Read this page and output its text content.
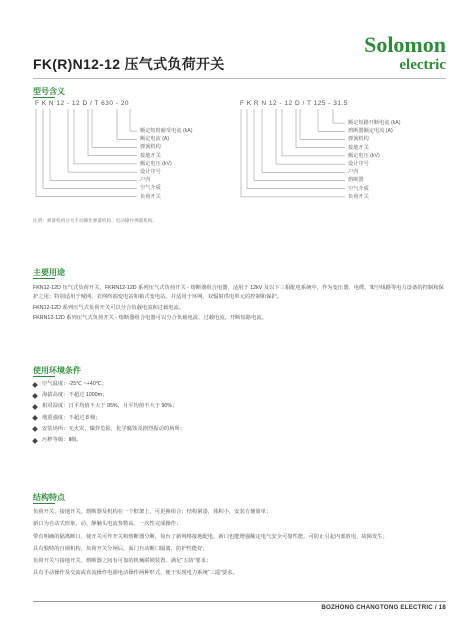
FK(R)N12-12 压气式负荷开关
Solomon
electric
型号含义
F K N 12 - 12 D / T 630 - 20	F K R N 12 - 12 D / T 125 - 31.5
额定短时耐受电流 (kA)
额定电流 (A)
弹簧机构
接地开关
额定电压 (kV)
设计序号
户内
空气介质
负荷开关
额定短路开断电流 (kA)
熔断器额定电流 (A)
弹簧机构
接地开关
额定电压 (kV)
设计序号
户内
熔断器
空气介质
负荷开关
注明：弹簧机构分为手动操作弹簧机构、电动操作弹簧机构。
主要用途

FKN12-12D 压气式负荷开关、FKRN12-12D 系列压气式负荷开关 - 熔断器组合电器，适用于 12kV 及以下三相配电系统中，作为变压器、电缆、架空线路等电力设备的控制和保护之用；特别适用于城网、农网终端变电站和箱式变电站。并适用于环网、双辐射供电单元的控制和保护。

FKN12-12D 系列压气式负荷开关可以分合负载电流和过载电流。

FKRN12-12D 系列压气式负荷开关 - 熔断器组合电器可以分合负载电流，过载电流，开断短路电流。

使用环境条件
空气温度：-25℃ ~+40℃；
海拔高度：不超过 1000m；
相对湿度：日平均值不大于 95%，月平均值不大于 90%；
地震强度：不超过 8 级；
安装场所：无火灾、爆炸危险，化学腐蚀及剧烈振动的场所；
污秽等级：Ⅱ级。
结构特点

负荷开关、接地开关、熔断器及机构在一个框架上，可更换组合；结构紧凑，体积小，安装方便简单；

新口为自动式形象，动、静触头电流参数高，一次性完成操作；

带有明确的隔离断口，使开关可作开关和熔断器分断，每台了新网络接地配电，新口也能增强额定电气安全可靠性能，可防止引起内部放电、故障发生；

具有独特的自锁机构，负荷开关分闸后，面门自动断口隔离，防护性能好；

负荷开关与接地开关、熔断器之间有可靠的机械联锁装置，满足“五防”要求；

具有手动操作及交流或直流操作电源电动操作两种形式，便于实现电力系统“三遥”要求。

BOZHONG CHANGTONG ELECTRIC / 18
